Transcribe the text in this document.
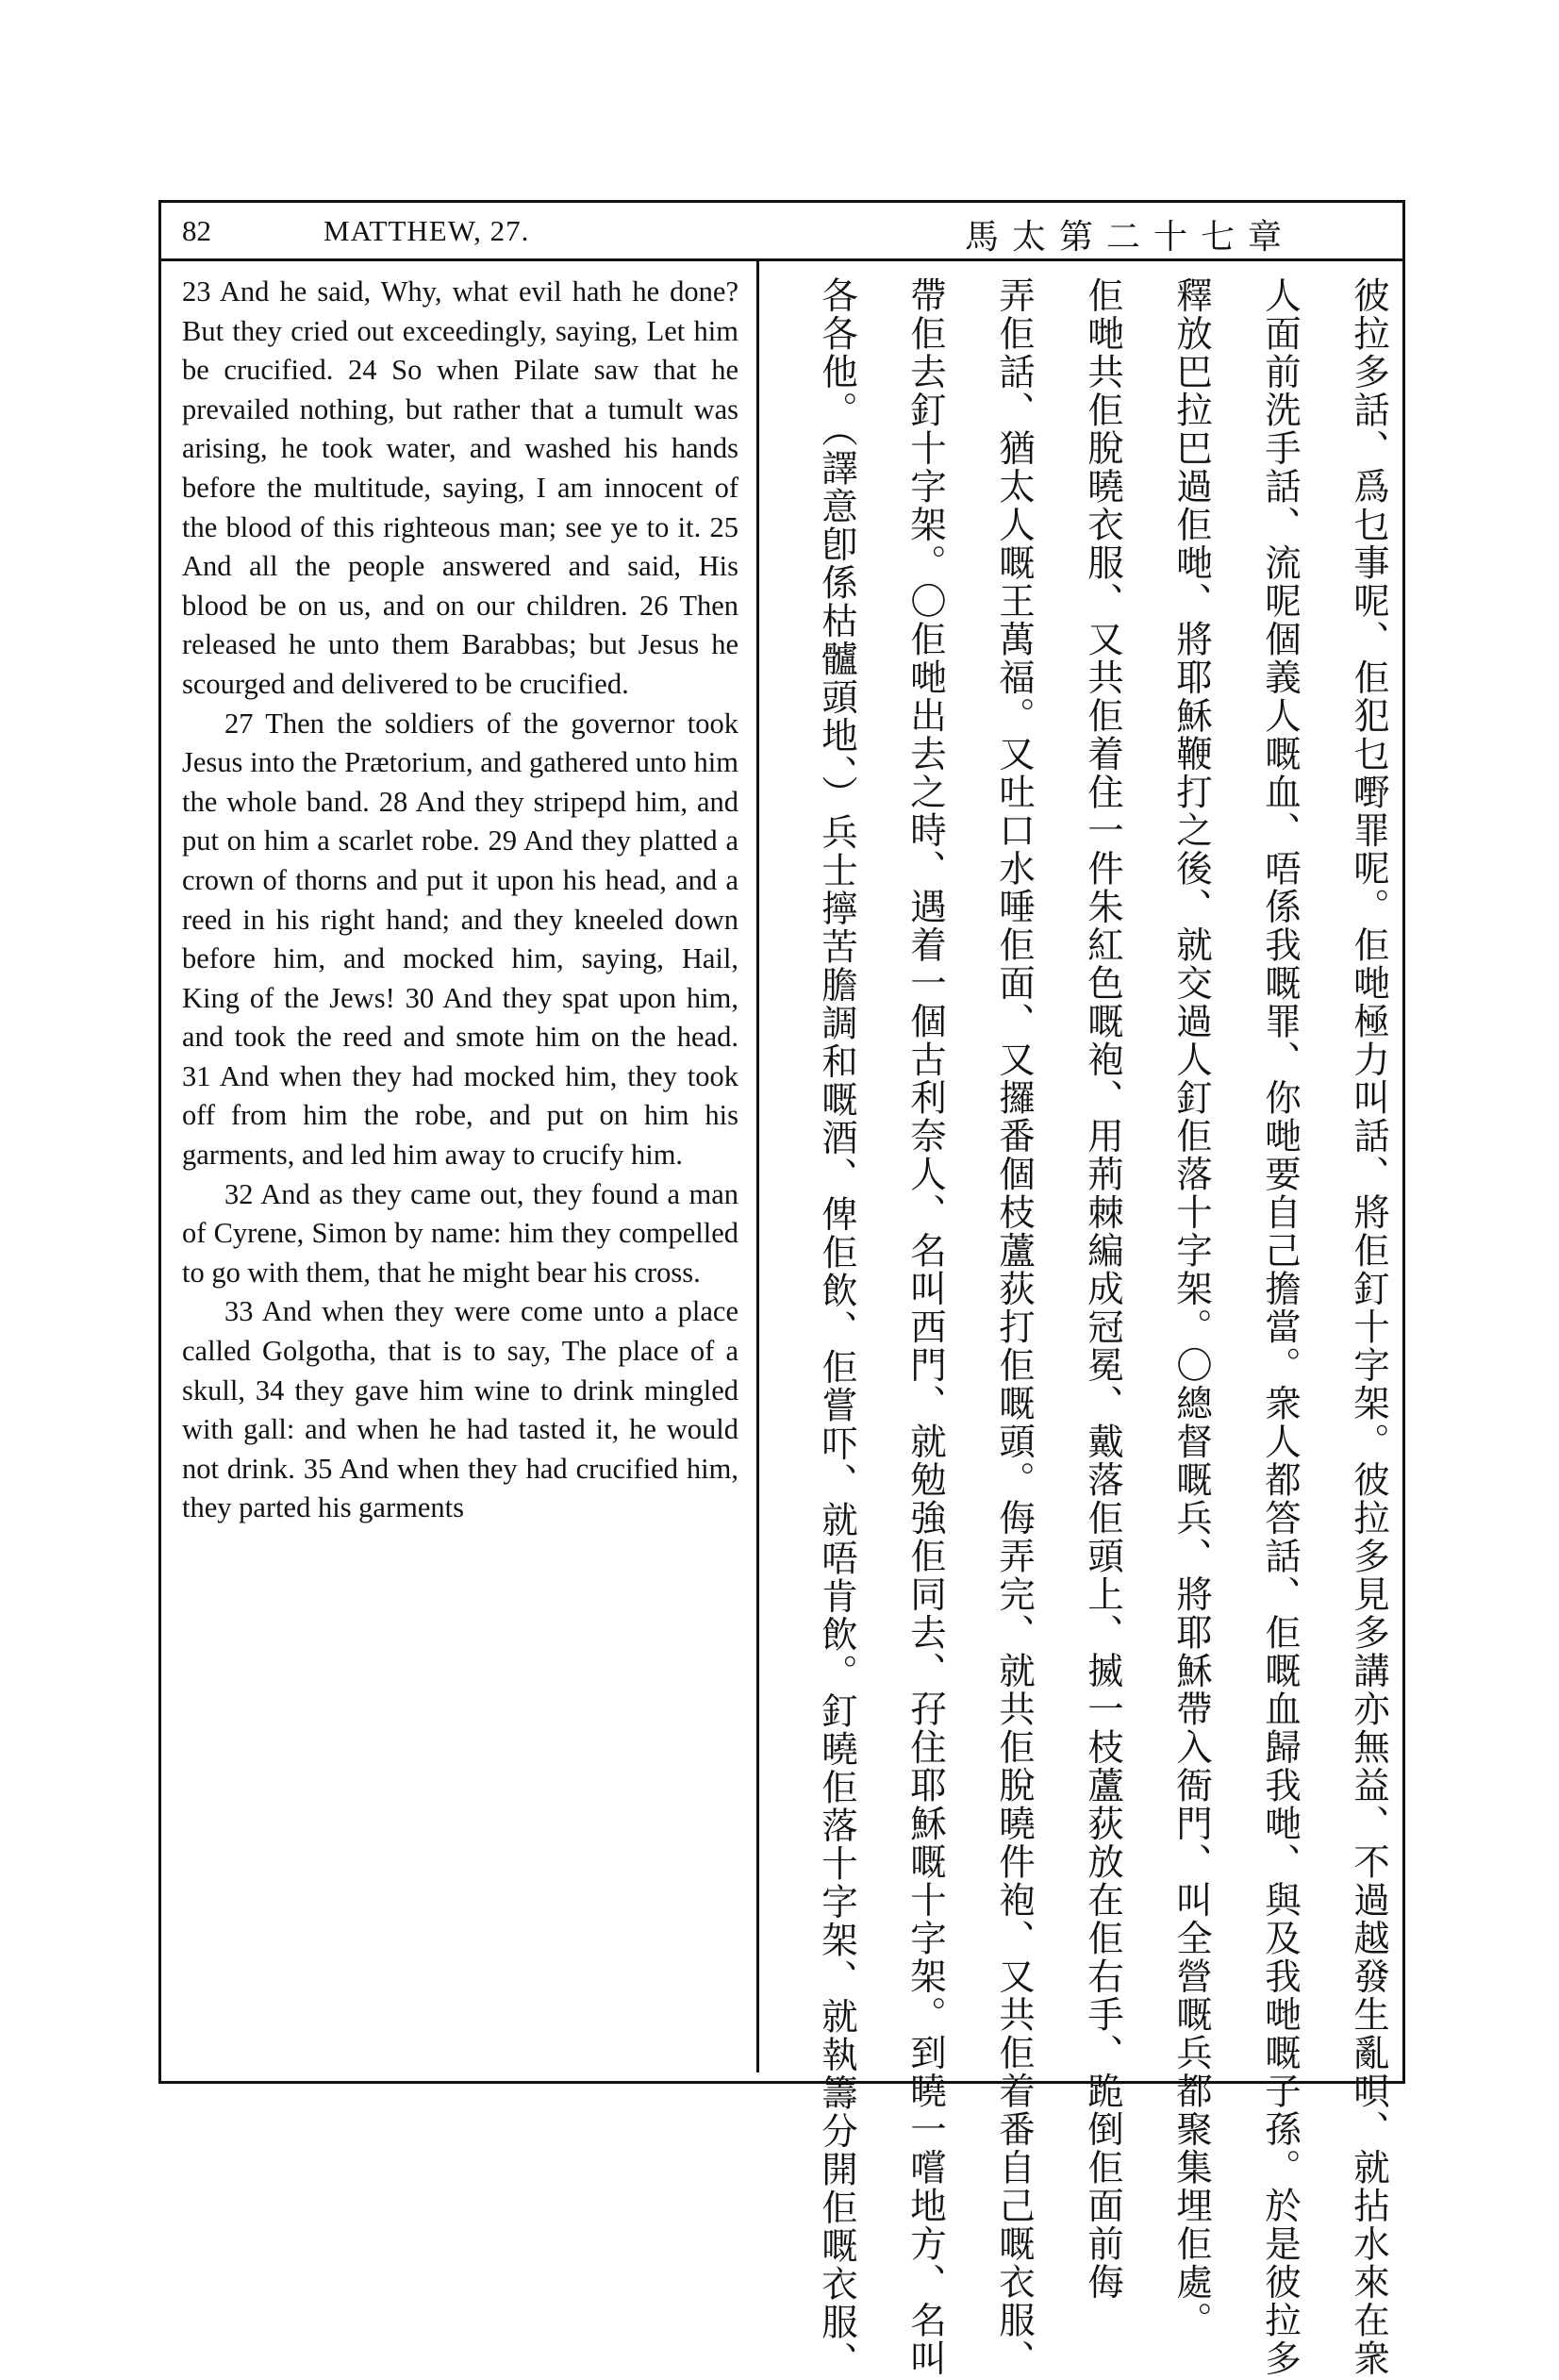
82	MATTHEW, 27.	馬太第二十七章

23 And he said, Why, what evil hath he done? But they cried out exceedingly, saying, Let him be crucified. 24 So when Pilate saw that he prevailed nothing, but rather that a tumult was arising, he took water, and washed his hands before the multitude, saying, I am innocent of the blood of this righteous man; see ye to it. 25 And all the people answered and said, His blood be on us, and on our children. 26 Then released he unto them Barabbas; but Jesus he scourged and delivered to be crucified.

27 Then the soldiers of the governor took Jesus into the Prætorium, and gathered unto him the whole band. 28 And they stripepd him, and put on him a scarlet robe. 29 And they platted a crown of thorns and put it upon his head, and a reed in his right hand; and they kneeled down before him, and mocked him, saying, Hail, King of the Jews! 30 And they spat upon him, and took the reed and smote him on the head. 31 And when they had mocked him, they took off from him the robe, and put on him his garments, and led him away to crucify him.

32 And as they came out, they found a man of Cyrene, Simon by name: him they compelled to go with them, that he might bear his cross.

33 And when they were come unto a place called Golgotha, that is to say, The place of a skull, 34 they gave him wine to drink mingled with gall: and when he had tasted it, he would not drink. 35 And when they had crucified him, they parted his garments	彼拉多話、爲乜事呢、佢犯乜嘢罪呢。佢哋極力叫話、將佢釘十字架。彼拉多見多講亦無益、不過越發生亂唄、就拈水來在衆
人面前洗手話、流呢個義人嘅血、唔係我嘅罪、你哋要自己擔當。衆人都答話、佢嘅血歸我哋、與及我哋嘅子孫。於是彼拉多
釋放巴拉巴過佢哋、將耶穌鞭打之後、就交過人釘佢落十字架。〇總督嘅兵、將耶穌帶入衙門、叫全營嘅兵都聚集埋佢處。
佢哋共佢脫曉衣服、又共佢着住一件朱紅色嘅袍、用荊棘編成冠冕、戴落佢頭上、揻一枝蘆荻放在佢右手、跪倒佢面前侮
弄佢話、猶太人嘅王萬福。又吐口水唾佢面、又攞番個枝蘆荻打佢嘅頭。侮弄完、就共佢脫曉件袍、又共佢着番自己嘅衣服、
帶佢去釘十字架。〇佢哋出去之時、遇着一個古利奈人、名叫西門、就勉強佢同去、孖住耶穌嘅十字架。到曉一嚐地方、名叫
各各他。（譯意卽係枯髗頭地、）兵士擰苦膽調和嘅酒、俾佢飲、佢嘗吓、就唔肯飲。釘曉佢落十字架、就執籌分開佢嘅衣服、
